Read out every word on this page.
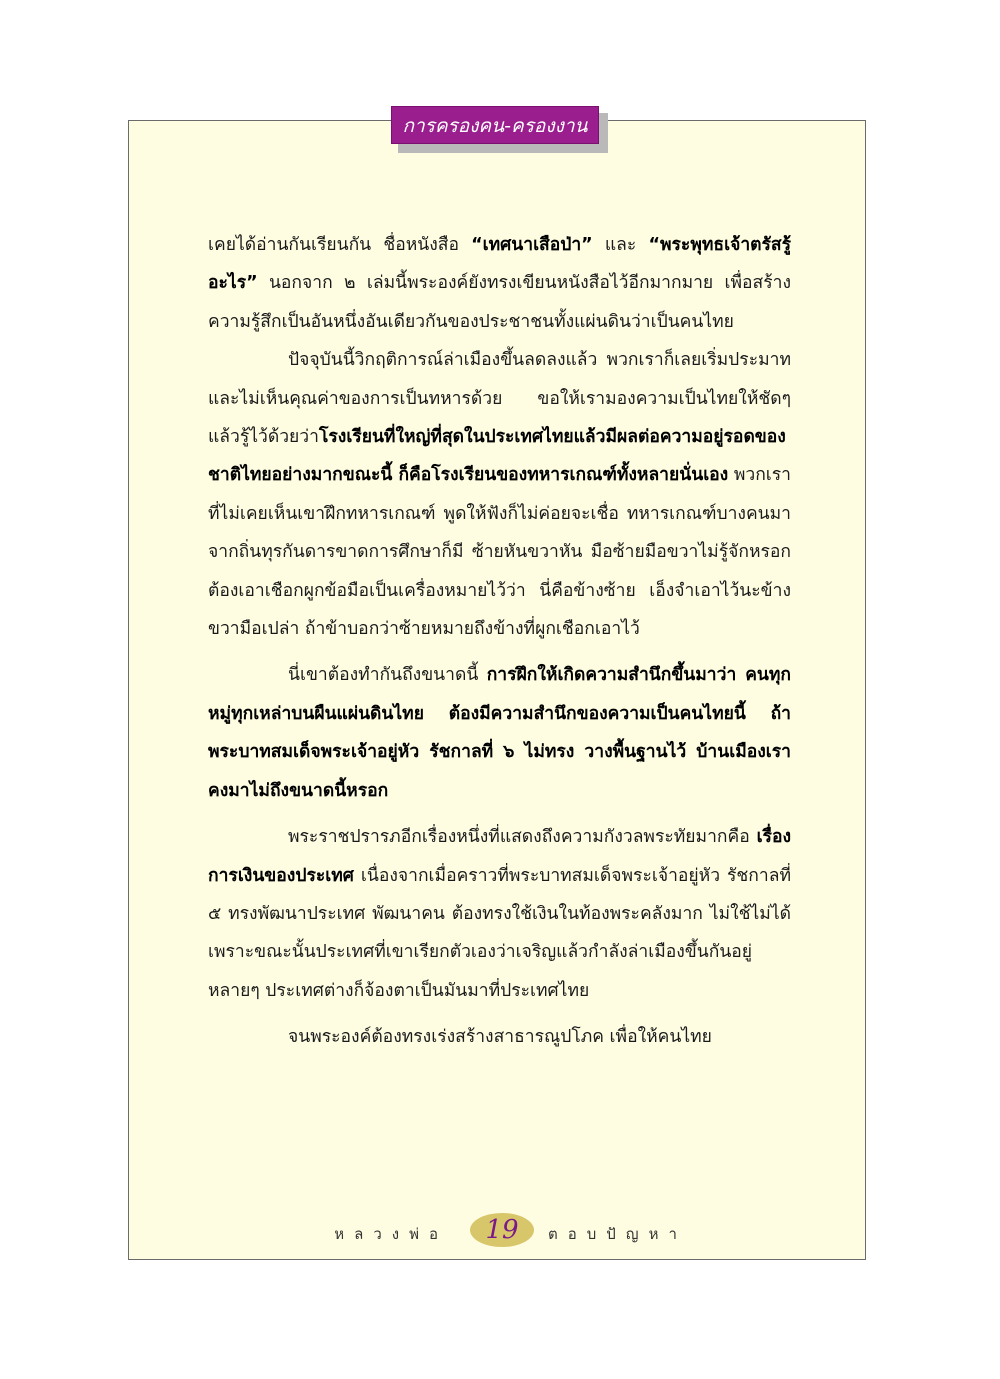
การครองคน-ครองงาน

เคยได้อ่านกันเรียนกัน ชื่อหนังสือ “เทศนาเสือป่า” และ “พระพุทธเจ้าตรัสรู้อะไร” นอกจาก ๒ เล่มนี้พระองค์ยังทรงเขียนหนังสือไว้อีกมากมาย เพื่อสร้างความรู้สึกเป็นอันหนึ่งอันเดียวกันของประชาชนทั้งแผ่นดินว่าเป็นคนไทย

ปัจจุบันนี้วิกฤติการณ์ล่าเมืองขึ้นลดลงแล้ว พวกเราก็เลยเริ่มประมาทและไม่เห็นคุณค่าของการเป็นทหารด้วย ขอให้เรามองความเป็นไทยให้ชัดๆ แล้วรู้ไว้ด้วยว่าโรงเรียนที่ใหญ่ที่สุดในประเทศไทยแล้วมีผลต่อความอยู่รอดของชาติไทยอย่างมากขณะนี้ ก็คือโรงเรียนของทหารเกณฑ์ทั้งหลายนั่นเอง พวกเราที่ไม่เคยเห็นเขาฝึกทหารเกณฑ์ พูดให้ฟังก็ไม่ค่อยจะเชื่อ ทหารเกณฑ์บางคนมาจากถิ่นทุรกันดารขาดการศึกษาก็มี ซ้ายหันขวาหัน มือซ้ายมือขวาไม่รู้จักหรอก ต้องเอาเชือกผูกข้อมือเป็นเครื่องหมายไว้ว่า นี่คือข้างซ้าย เอ็งจำเอาไว้นะข้างขวามือเปล่า ถ้าข้าบอกว่าซ้ายหมายถึงข้างที่ผูกเชือกเอาไว้

นี่เขาต้องทำกันถึงขนาดนี้ การฝึกให้เกิดความสำนึกขึ้นมาว่า คนทุกหมู่ทุกเหล่าบนผืนแผ่นดินไทย ต้องมีความสำนึกของความเป็นคนไทยนี้ ถ้าพระบาทสมเด็จพระเจ้าอยู่หัว รัชกาลที่ ๖ ไม่ทรง วางพื้นฐานไว้ บ้านเมืองเราคงมาไม่ถึงขนาดนี้หรอก

พระราชปรารภอีกเรื่องหนึ่งที่แสดงถึงความกังวลพระทัยมากคือ เรื่องการเงินของประเทศ เนื่องจากเมื่อคราวที่พระบาทสมเด็จพระเจ้าอยู่หัว รัชกาลที่ ๕ ทรงพัฒนาประเทศ พัฒนาคน ต้องทรงใช้เงินในท้องพระคลังมาก ไม่ใช้ไม่ได้ เพราะขณะนั้นประเทศที่เขาเรียกตัวเองว่าเจริญแล้วกำลังล่าเมืองขึ้นกันอยู่ หลายๆ ประเทศต่างก็จ้องตาเป็นมันมาที่ประเทศไทย

จนพระองค์ต้องทรงเร่งสร้างสาธารณูปโภค เพื่อให้คนไทย

หลวงพ่อ	19	ตอบปัญหา
